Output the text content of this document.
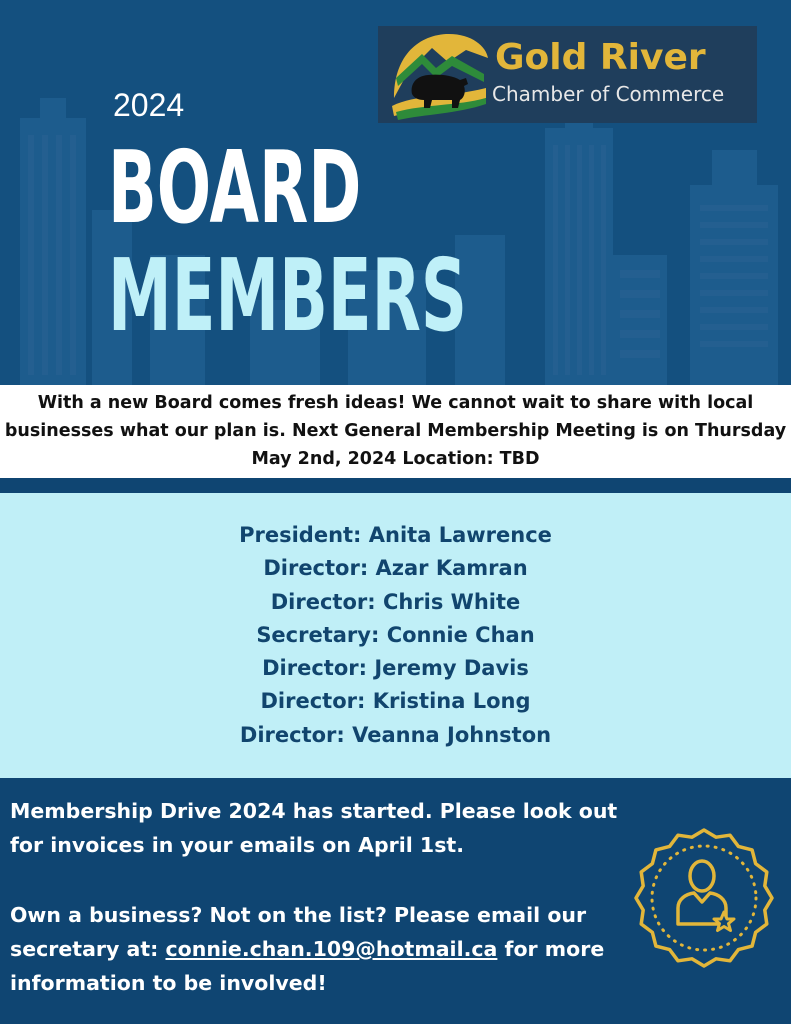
Gold River
Chamber of Commerce
2024
BOARD
MEMBERS

With a new Board comes fresh ideas! We cannot wait to share with local businesses what our plan is. Next General Membership Meeting is on Thursday May 2nd, 2024 Location: TBD

President: Anita Lawrence
Director: Azar Kamran
Director: Chris White
Secretary: Connie Chan
Director: Jeremy Davis
Director: Kristina Long
Director: Veanna Johnston

Membership Drive 2024 has started. Please look out for invoices in your emails on April 1st.

Own a business? Not on the list? Please email our secretary at: connie.chan.109@hotmail.ca for more information to be involved!
